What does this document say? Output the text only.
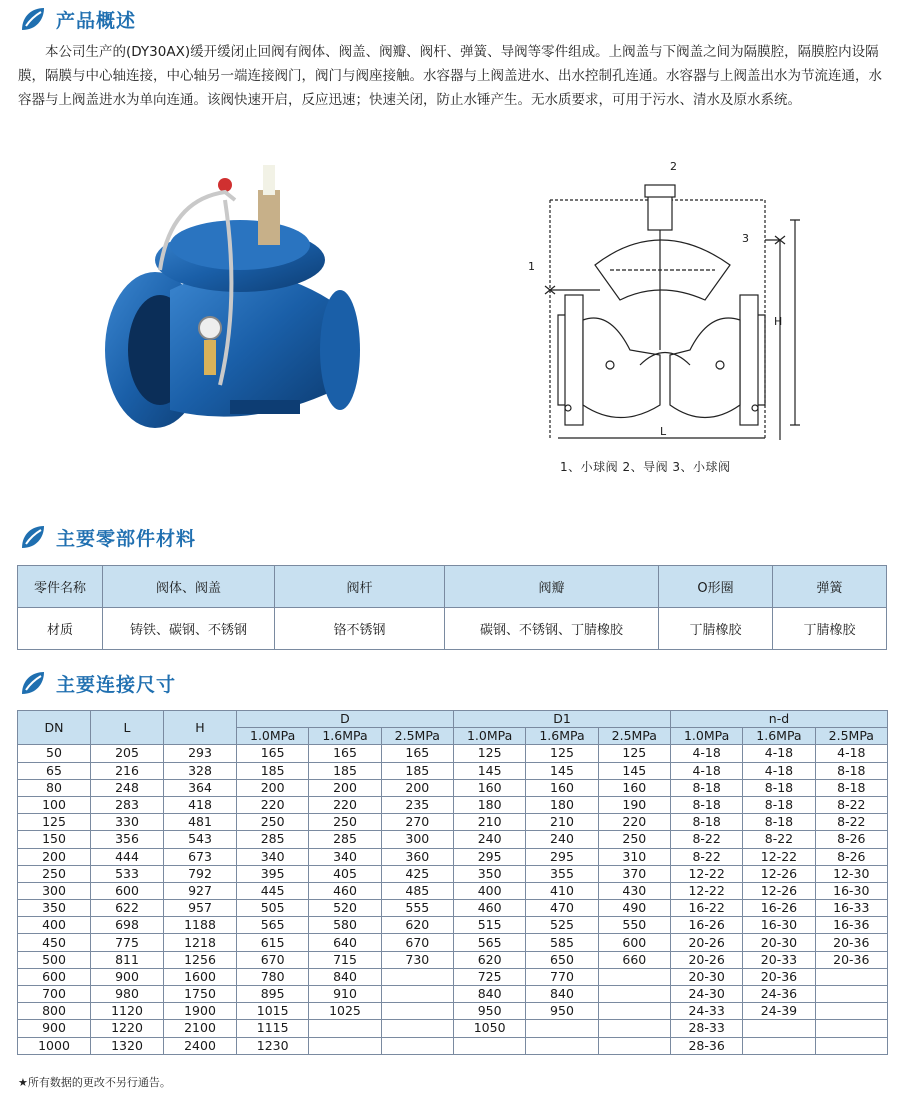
产品概述

本公司生产的(DY30AX)缓开缓闭止回阀有阀体、阀盖、阀瓣、阀杆、弹簧、导阀等零件组成。上阀盖与下阀盖之间为隔膜腔，隔膜腔内设隔膜，隔膜与中心轴连接，中心轴另一端连接阀门，阀门与阀座接触。水容器与上阀盖进水、出水控制孔连通。水容器与上阀盖出水为节流连通，水容器与上阀盖进水为单向连通。该阀快速开启，反应迅速；快速关闭，防止水锤产生。无水质要求，可用于污水、清水及原水系统。

1
2
3
H
L
1、小球阀 2、导阀 3、小球阀
主要零部件材料
零件名称	阀体、阀盖	阀杆	阀瓣	O形圈	弹簧
材质	铸铁、碳钢、不锈钢	铬不锈钢	碳钢、不锈钢、丁腈橡胶	丁腈橡胶	丁腈橡胶
主要连接尺寸
DN	L	H	D			D1			n-d		
			1.0MPa	1.6MPa	2.5MPa	1.0MPa	1.6MPa	2.5MPa	1.0MPa	1.6MPa	2.5MPa
50	205	293	165	165	165	125	125	125	4-18	4-18	4-18
65	216	328	185	185	185	145	145	145	4-18	4-18	8-18
80	248	364	200	200	200	160	160	160	8-18	8-18	8-18
100	283	418	220	220	235	180	180	190	8-18	8-18	8-22
125	330	481	250	250	270	210	210	220	8-18	8-18	8-22
150	356	543	285	285	300	240	240	250	8-22	8-22	8-26
200	444	673	340	340	360	295	295	310	8-22	12-22	8-26
250	533	792	395	405	425	350	355	370	12-22	12-26	12-30
300	600	927	445	460	485	400	410	430	12-22	12-26	16-30
350	622	957	505	520	555	460	470	490	16-22	16-26	16-33
400	698	1188	565	580	620	515	525	550	16-26	16-30	16-36
450	775	1218	615	640	670	565	585	600	20-26	20-30	20-36
500	811	1256	670	715	730	620	650	660	20-26	20-33	20-36
600	900	1600	780	840		725	770		20-30	20-36	
700	980	1750	895	910		840	840		24-30	24-36	
800	1120	1900	1015	1025		950	950		24-33	24-39	
900	1220	2100	1115			1050			28-33		
1000	1320	2400	1230						28-36		
★所有数据的更改不另行通告。
